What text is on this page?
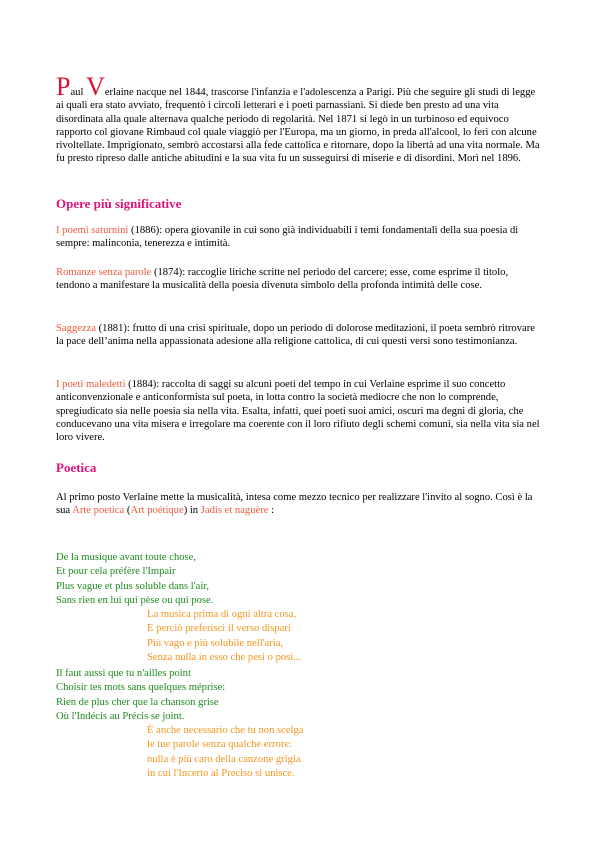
Paul Verlaine nacque nel 1844, trascorse l'infanzia e l'adolescenza a Parigi. Più che seguire gli studi di legge ai quali era stato avviato, frequentò i circoli letterari e i poeti parnassiani. Si diede ben presto ad una vita disordinata alla quale alternava qualche periodo di regolarità. Nel 1871 si legò in un turbinoso ed equivoco rapporto col giovane Rimbaud col quale viaggiò per l'Europa, ma un giorno, in preda all'alcool, lo ferì con alcune rivoltellate. Imprigionato, sembrò accostarsi alla fede cattolica e ritornare, dopo la libertà ad una vita normale. Ma fu presto ripreso dalle antiche abitudini e la sua vita fu un susseguirsi di miserie e di disordini. Morì nel 1896.

Opere più significative

I poemi saturnini (1886): opera giovanile in cui sono già individuabili i temi fondamentali della sua poesia di sempre: malinconia, tenerezza e intimità.

Romanze senza parole (1874): raccoglie liriche scritte nel periodo del carcere; esse, come esprime il titolo, tendono a manifestare la musicalità della poesia divenuta simbolo della profonda intimità delle cose.

Saggezza (1881): frutto di una crisi spirituale, dopo un periodo di dolorose meditazioni, il poeta sembrò ritrovare la pace dell’anima nella appassionata adesione alla religione cattolica, di cui questi versi sono testimonianza.

I poeti maledetti (1884): raccolta di saggi su alcuni poeti del tempo in cui Verlaine esprime il suo concetto anticonvenzionale e anticonformista sul poeta, in lotta contro la società mediocre che non lo comprende, spregiudicato sia nelle poesia sia nella vita. Esalta, infatti, quei poeti suoi amici, oscuri ma degni di gloria, che conducevano una vita misera e irregolare ma coerente con il loro rifiuto degli schemi comuni, sia nella vita sia nel loro vivere.

Poetica

Al primo posto Verlaine mette la musicalità, intesa come mezzo tecnico per realizzare l'invito al sogno. Così è la sua Arte poetica (Art poétique) in Jadis et naguère :

De la musique avant toute chose,
Et pour cela préfère l'Impair
Plus vague et plus soluble dans l'air,
Sans rien en lui qui pèse ou qui pose.
La musica prima di ogni altra cosa,
E perciò preferisci il verso dispari
Più vago e più solubile nell'aria,
Senza nulla in esso che pesi o posi...
Il faut aussi que tu n'ailles point
Choisir tes mots sans quelques méprise:
Rien de plus cher que la chanson grise
Où l'Indécis au Précis se joint.
È anche necessario che tu non scelga
le tue parole senza qualche errore:
nulla è più caro della canzone grigia
in cui l'Incerto al Preciso si unisce.
